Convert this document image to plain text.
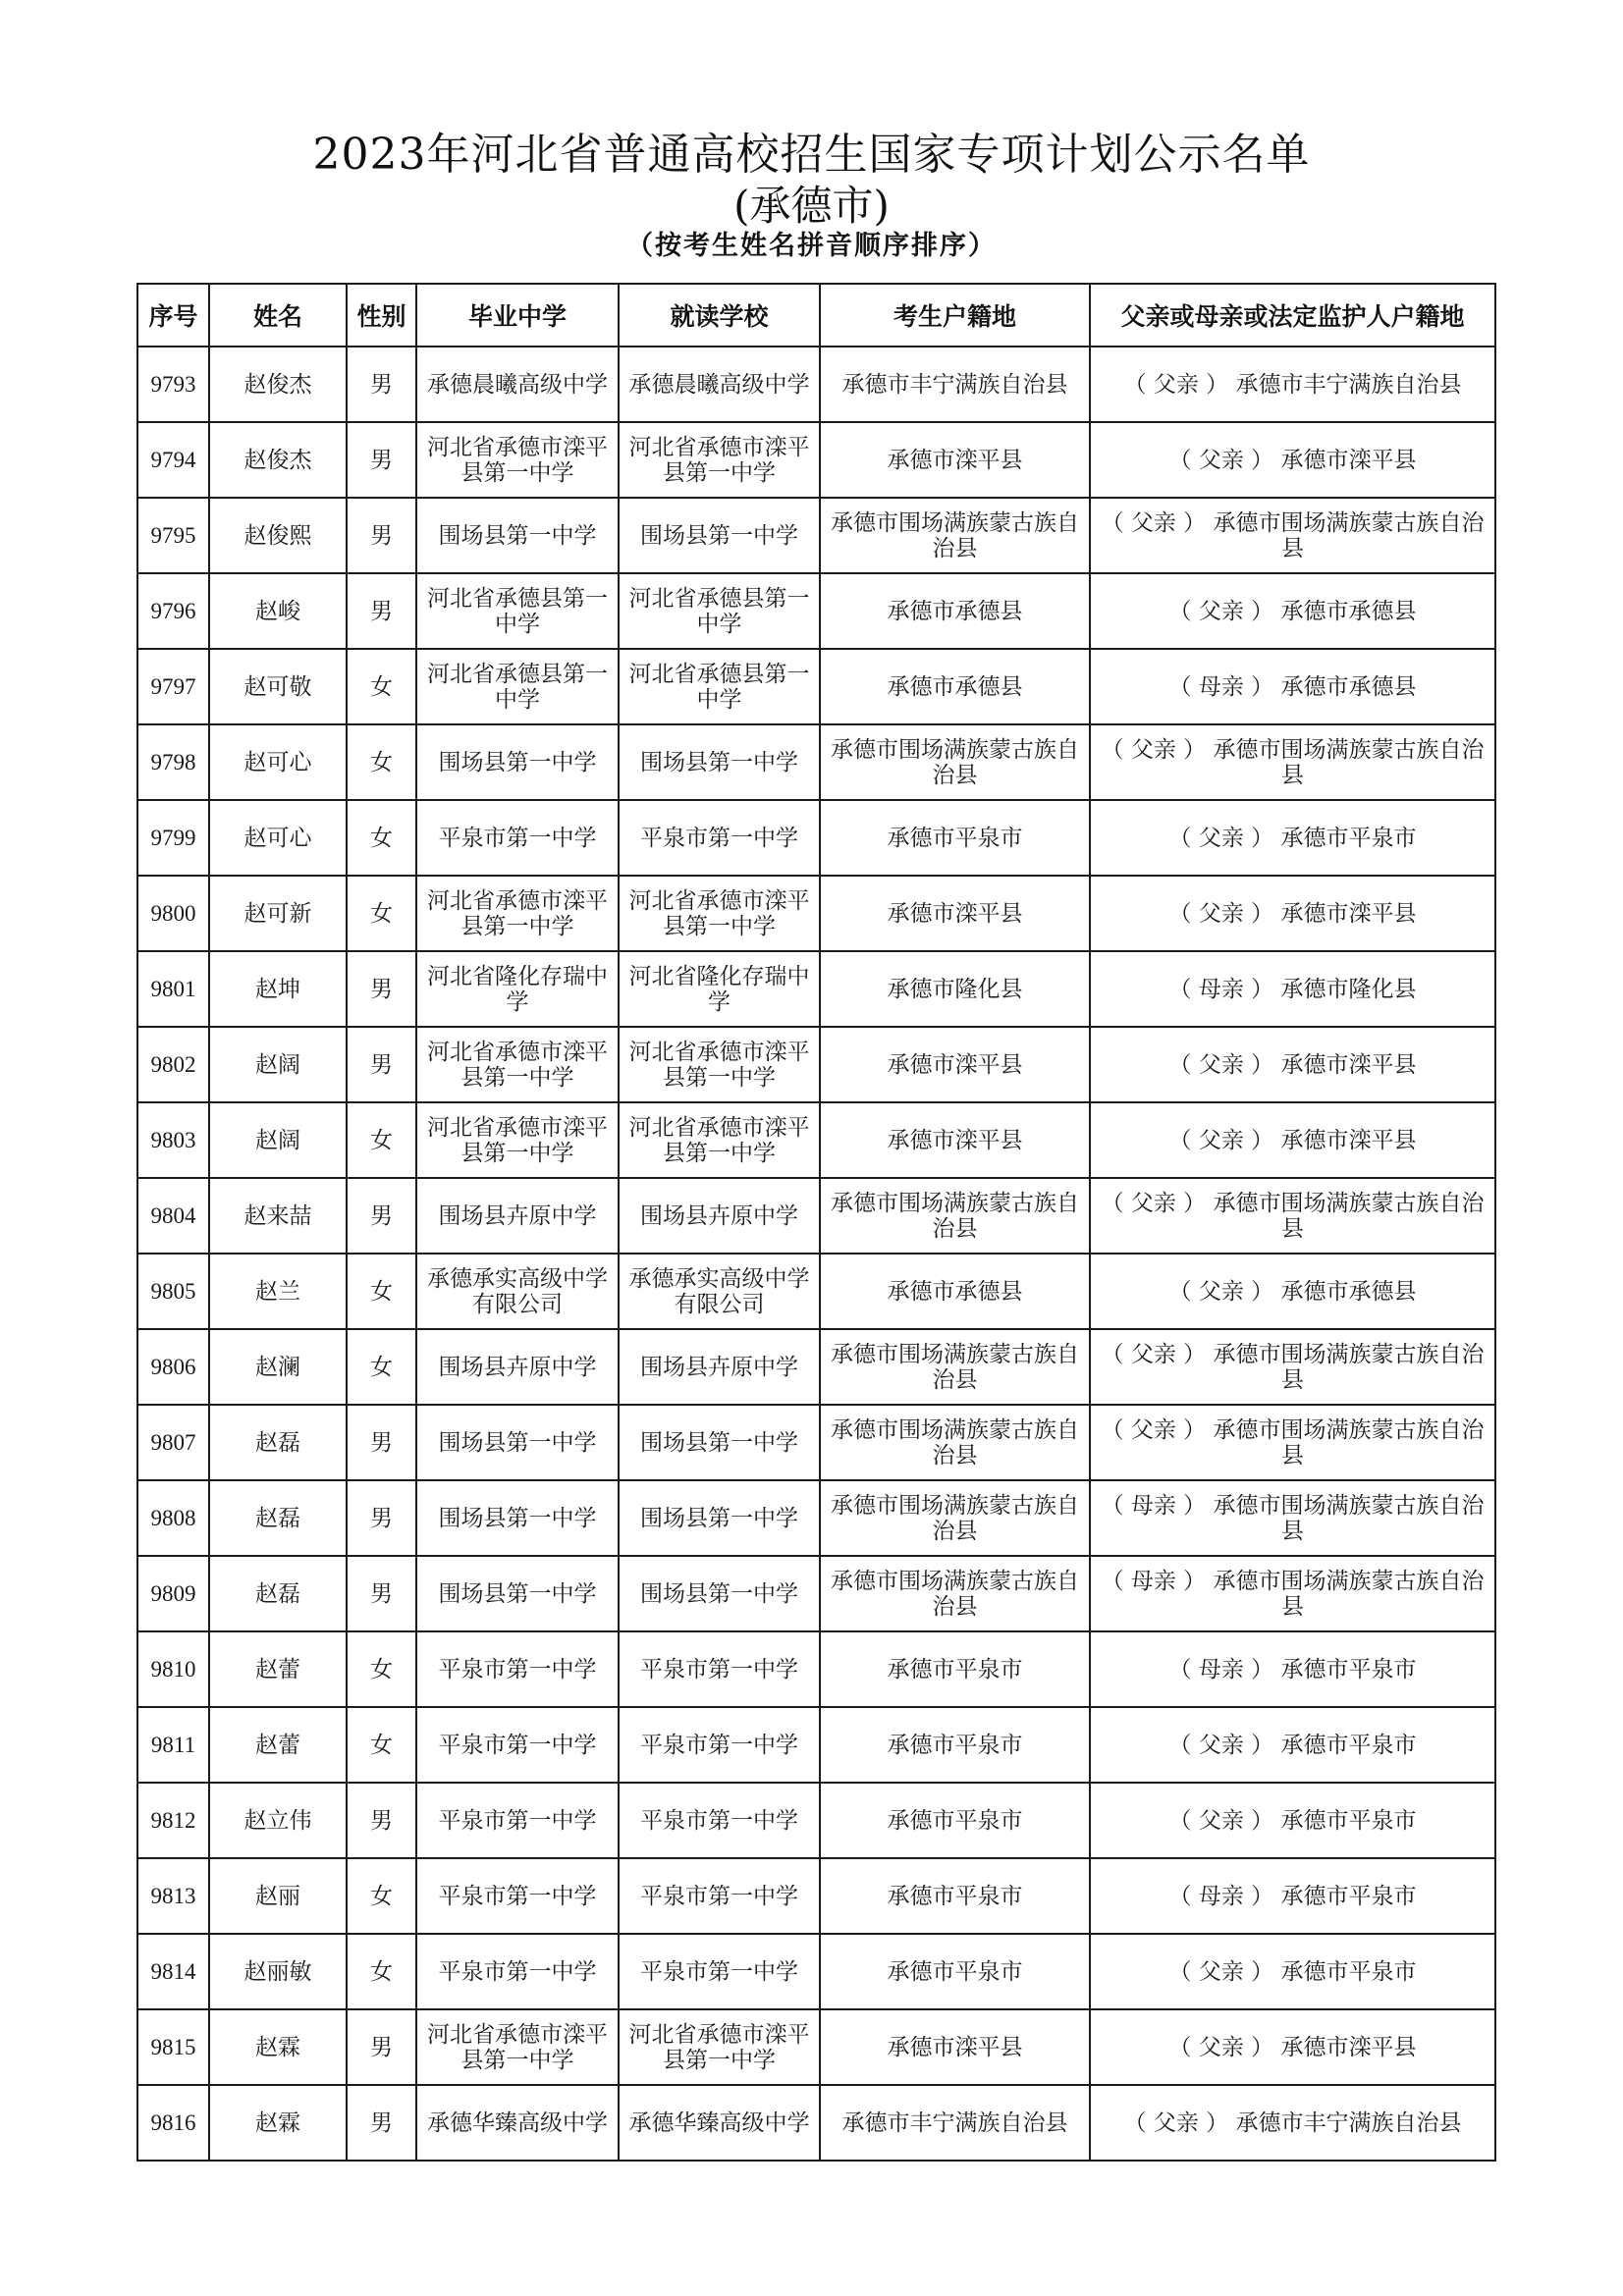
2023年河北省普通高校招生国家专项计划公示名单
(承德市)
（按考生姓名拼音顺序排序）
序号	姓名	性别	毕业中学	就读学校	考生户籍地	父亲或母亲或法定监护人户籍地
9793	赵俊杰	男	承德晨曦高级中学	承德晨曦高级中学	承德市丰宁满族自治县	（ 父亲 ） 承德市丰宁满族自治县
9794	赵俊杰	男	河北省承德市滦平县第一中学	河北省承德市滦平县第一中学	承德市滦平县	（ 父亲 ） 承德市滦平县
9795	赵俊熙	男	围场县第一中学	围场县第一中学	承德市围场满族蒙古族自治县	（ 父亲 ） 承德市围场满族蒙古族自治县
9796	赵峻	男	河北省承德县第一中学	河北省承德县第一中学	承德市承德县	（ 父亲 ） 承德市承德县
9797	赵可敬	女	河北省承德县第一中学	河北省承德县第一中学	承德市承德县	（ 母亲 ） 承德市承德县
9798	赵可心	女	围场县第一中学	围场县第一中学	承德市围场满族蒙古族自治县	（ 父亲 ） 承德市围场满族蒙古族自治县
9799	赵可心	女	平泉市第一中学	平泉市第一中学	承德市平泉市	（ 父亲 ） 承德市平泉市
9800	赵可新	女	河北省承德市滦平县第一中学	河北省承德市滦平县第一中学	承德市滦平县	（ 父亲 ） 承德市滦平县
9801	赵坤	男	河北省隆化存瑞中学	河北省隆化存瑞中学	承德市隆化县	（ 母亲 ） 承德市隆化县
9802	赵阔	男	河北省承德市滦平县第一中学	河北省承德市滦平县第一中学	承德市滦平县	（ 父亲 ） 承德市滦平县
9803	赵阔	女	河北省承德市滦平县第一中学	河北省承德市滦平县第一中学	承德市滦平县	（ 父亲 ） 承德市滦平县
9804	赵来喆	男	围场县卉原中学	围场县卉原中学	承德市围场满族蒙古族自治县	（ 父亲 ） 承德市围场满族蒙古族自治县
9805	赵兰	女	承德承实高级中学有限公司	承德承实高级中学有限公司	承德市承德县	（ 父亲 ） 承德市承德县
9806	赵澜	女	围场县卉原中学	围场县卉原中学	承德市围场满族蒙古族自治县	（ 父亲 ） 承德市围场满族蒙古族自治县
9807	赵磊	男	围场县第一中学	围场县第一中学	承德市围场满族蒙古族自治县	（ 父亲 ） 承德市围场满族蒙古族自治县
9808	赵磊	男	围场县第一中学	围场县第一中学	承德市围场满族蒙古族自治县	（ 母亲 ） 承德市围场满族蒙古族自治县
9809	赵磊	男	围场县第一中学	围场县第一中学	承德市围场满族蒙古族自治县	（ 母亲 ） 承德市围场满族蒙古族自治县
9810	赵蕾	女	平泉市第一中学	平泉市第一中学	承德市平泉市	（ 母亲 ） 承德市平泉市
9811	赵蕾	女	平泉市第一中学	平泉市第一中学	承德市平泉市	（ 父亲 ） 承德市平泉市
9812	赵立伟	男	平泉市第一中学	平泉市第一中学	承德市平泉市	（ 父亲 ） 承德市平泉市
9813	赵丽	女	平泉市第一中学	平泉市第一中学	承德市平泉市	（ 母亲 ） 承德市平泉市
9814	赵丽敏	女	平泉市第一中学	平泉市第一中学	承德市平泉市	（ 父亲 ） 承德市平泉市
9815	赵霖	男	河北省承德市滦平县第一中学	河北省承德市滦平县第一中学	承德市滦平县	（ 父亲 ） 承德市滦平县
9816	赵霖	男	承德华臻高级中学	承德华臻高级中学	承德市丰宁满族自治县	（ 父亲 ） 承德市丰宁满族自治县
